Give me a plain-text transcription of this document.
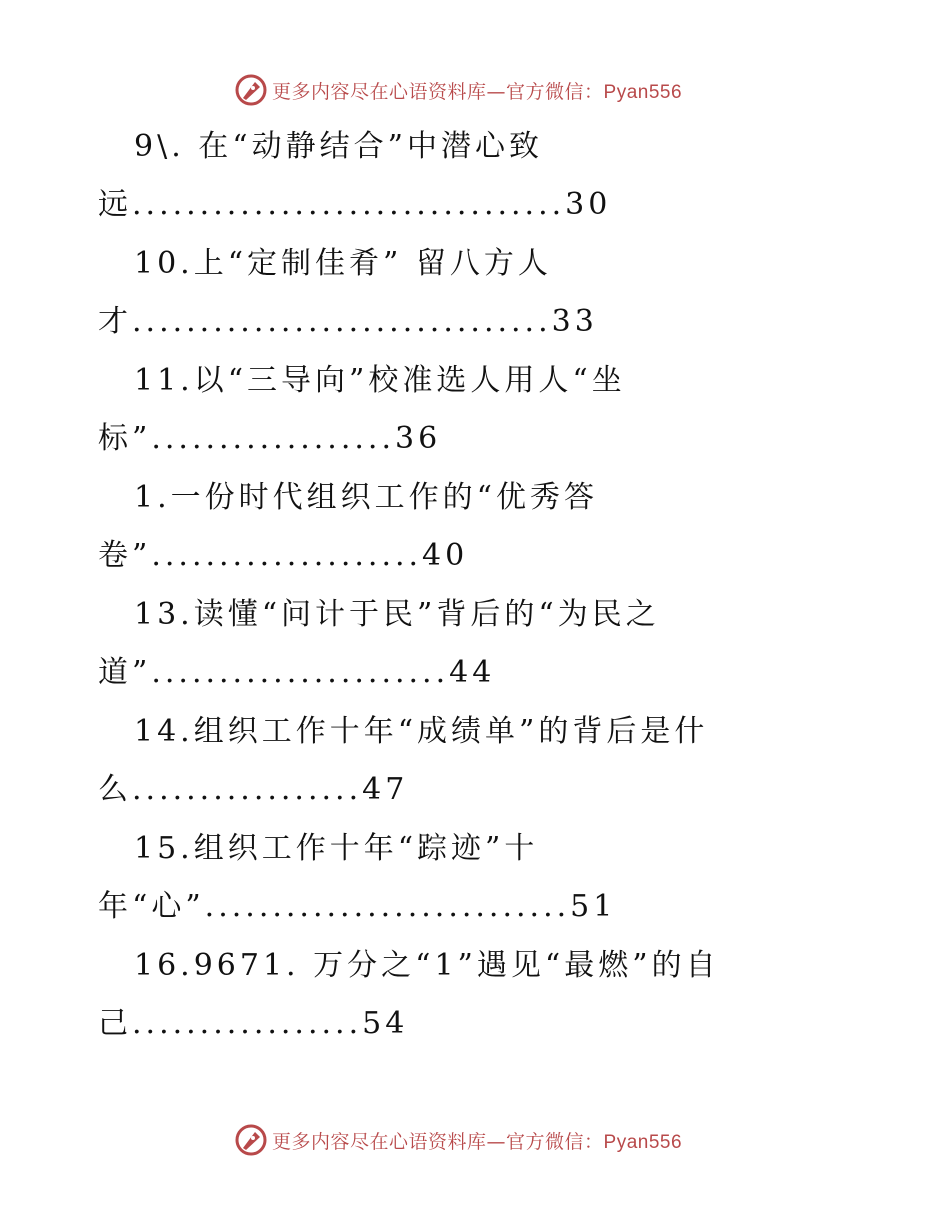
更多内容尽在心语资料库—官方微信：Pyan556
9\. 在“动静结合”中潜心致
远................................30
10.上“定制佳肴” 留八方人
才...............................33
11.以“三导向”校准选人用人“坐
标”..................36
1.一份时代组织工作的“优秀答
卷”....................40
13.读懂“问计于民”背后的“为民之
道”......................44
14.组织工作十年“成绩单”的背后是什
么.................47
15.组织工作十年“踪迹”十
年“心”...........................51
16.9671. 万分之“1”遇见“最燃”的自
己.................54
更多内容尽在心语资料库—官方微信：Pyan556
